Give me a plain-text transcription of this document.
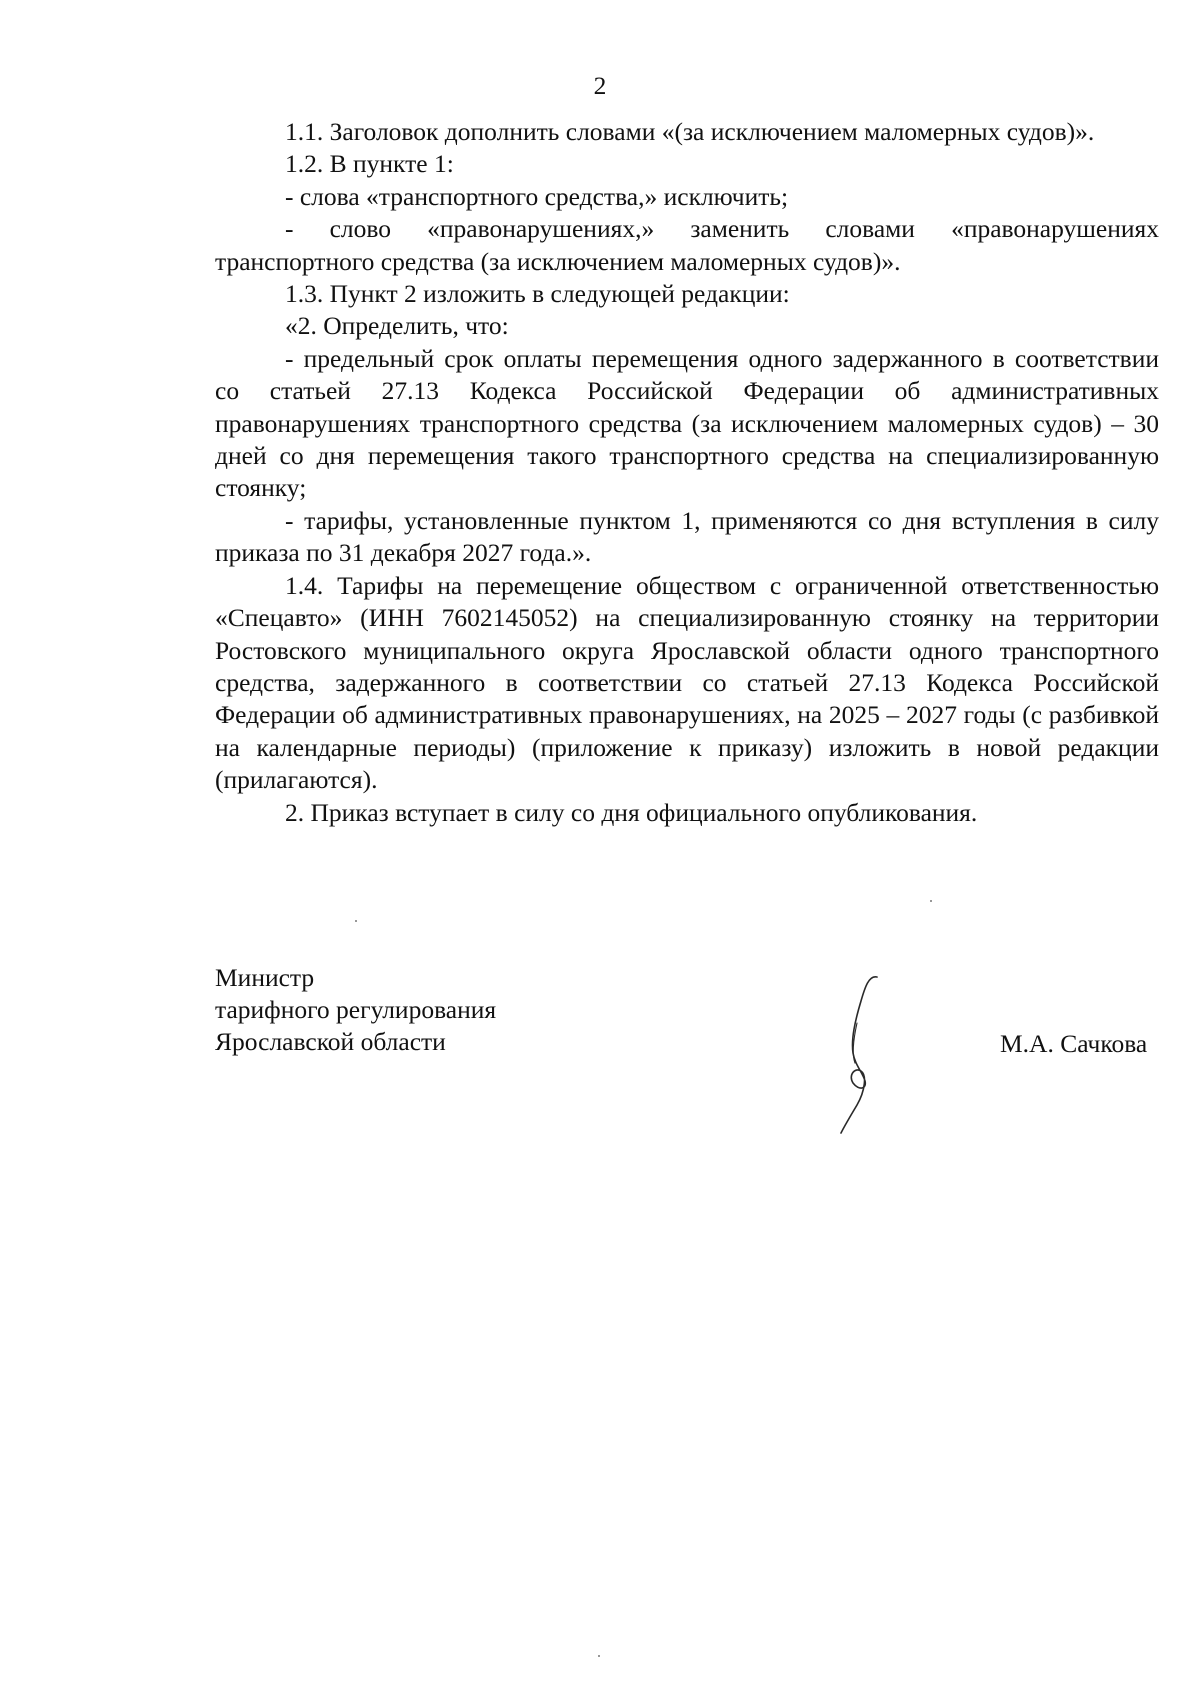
2

1.1. Заголовок дополнить словами «(за исключением маломерных судов)».

1.2. В пункте 1:

- слова «транспортного средства,» исключить;

- слово «правонарушениях,» заменить словами «правонарушениях транспортного средства (за исключением маломерных судов)».

1.3. Пункт 2 изложить в следующей редакции:

«2. Определить, что:

- предельный срок оплаты перемещения одного задержанного в соответствии со статьей 27.13 Кодекса Российской Федерации об административных правонарушениях транспортного средства (за исключением маломерных судов) – 30 дней со дня перемещения такого транспортного средства на специализированную стоянку;

- тарифы, установленные пунктом 1, применяются со дня вступления в силу приказа по 31 декабря 2027 года.».

1.4. Тарифы на перемещение обществом с ограниченной ответственностью «Спецавто» (ИНН 7602145052) на специализированную стоянку на территории Ростовского муниципального округа Ярославской области одного транспортного средства, задержанного в соответствии со статьей 27.13 Кодекса Российской Федерации об административных правонарушениях, на 2025 – 2027 годы (с разбивкой на календарные периоды) (приложение к приказу) изложить в новой редакции (прилагаются).

2. Приказ вступает в силу со дня официального опубликования.

Министр
тарифного регулирования
Ярославской области	М.А. Сачкова
